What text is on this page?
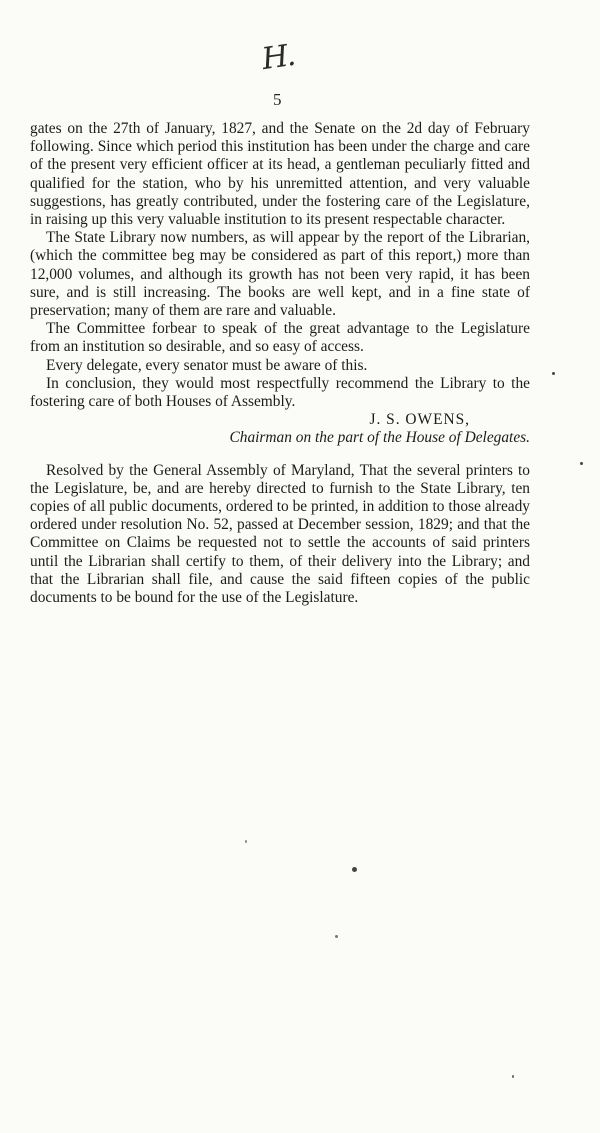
H.
5

gates on the 27th of January, 1827, and the Senate on the 2d day of February following. Since which period this institution has been under the charge and care of the present very efficient officer at its head, a gentleman peculiarly fitted and qualified for the station, who by his unremitted attention, and very valuable suggestions, has greatly contributed, under the fostering care of the Legislature, in raising up this very valuable institution to its present respectable character.

The State Library now numbers, as will appear by the report of the Librarian, (which the committee beg may be considered as part of this report,) more than 12,000 volumes, and although its growth has not been very rapid, it has been sure, and is still increasing. The books are well kept, and in a fine state of preservation; many of them are rare and valuable.

The Committee forbear to speak of the great advantage to the Legislature from an institution so desirable, and so easy of access.

Every delegate, every senator must be aware of this.

In conclusion, they would most respectfully recommend the Library to the fostering care of both Houses of Assembly.

J. S. OWENS,

Chairman on the part of the House of Delegates.

Resolved by the General Assembly of Maryland, That the several printers to the Legislature, be, and are hereby directed to furnish to the State Library, ten copies of all public documents, ordered to be printed, in addition to those already ordered under resolution No. 52, passed at December session, 1829; and that the Committee on Claims be requested not to settle the accounts of said printers until the Librarian shall certify to them, of their delivery into the Library; and that the Librarian shall file, and cause the said fifteen copies of the public documents to be bound for the use of the Legislature.
